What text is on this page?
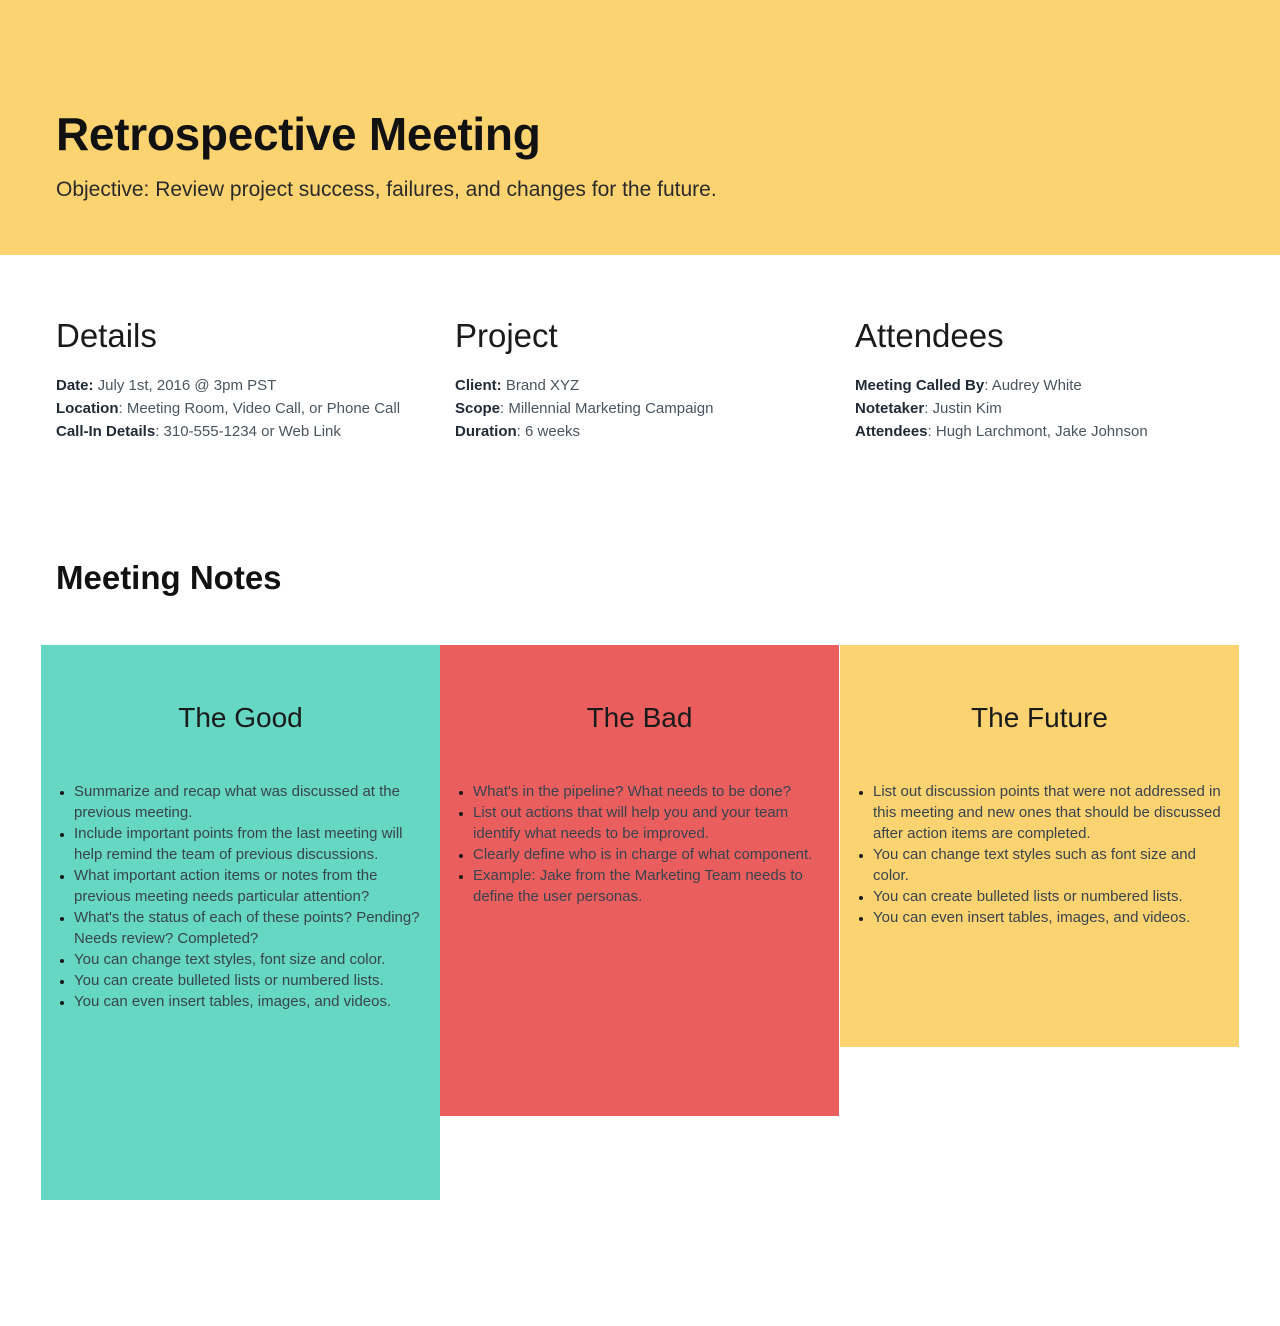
Retrospective Meeting

Objective: Review project success, failures, and changes for the future.

Details
Date: July 1st, 2016 @ 3pm PST
Location: Meeting Room, Video Call, or Phone Call
Call-In Details: 310-555-1234 or Web Link
Project
Client: Brand XYZ
Scope: Millennial Marketing Campaign
Duration: 6 weeks
Attendees
Meeting Called By: Audrey White
Notetaker: Justin Kim
Attendees: Hugh Larchmont, Jake Johnson
Meeting Notes
The Good
• Summarize and recap what was discussed at the previous meeting.
• Include important points from the last meeting will help remind the team of previous discussions.
• What important action items or notes from the previous meeting needs particular attention?
• What's the status of each of these points? Pending? Needs review? Completed?
• You can change text styles, font size and color.
• You can create bulleted lists or numbered lists.
• You can even insert tables, images, and videos.
The Bad
• What's in the pipeline? What needs to be done?
• List out actions that will help you and your team identify what needs to be improved.
• Clearly define who is in charge of what component.
• Example: Jake from the Marketing Team needs to define the user personas.
The Future
• List out discussion points that were not addressed in this meeting and new ones that should be discussed after action items are completed.
• You can change text styles such as font size and color.
• You can create bulleted lists or numbered lists.
• You can even insert tables, images, and videos.
